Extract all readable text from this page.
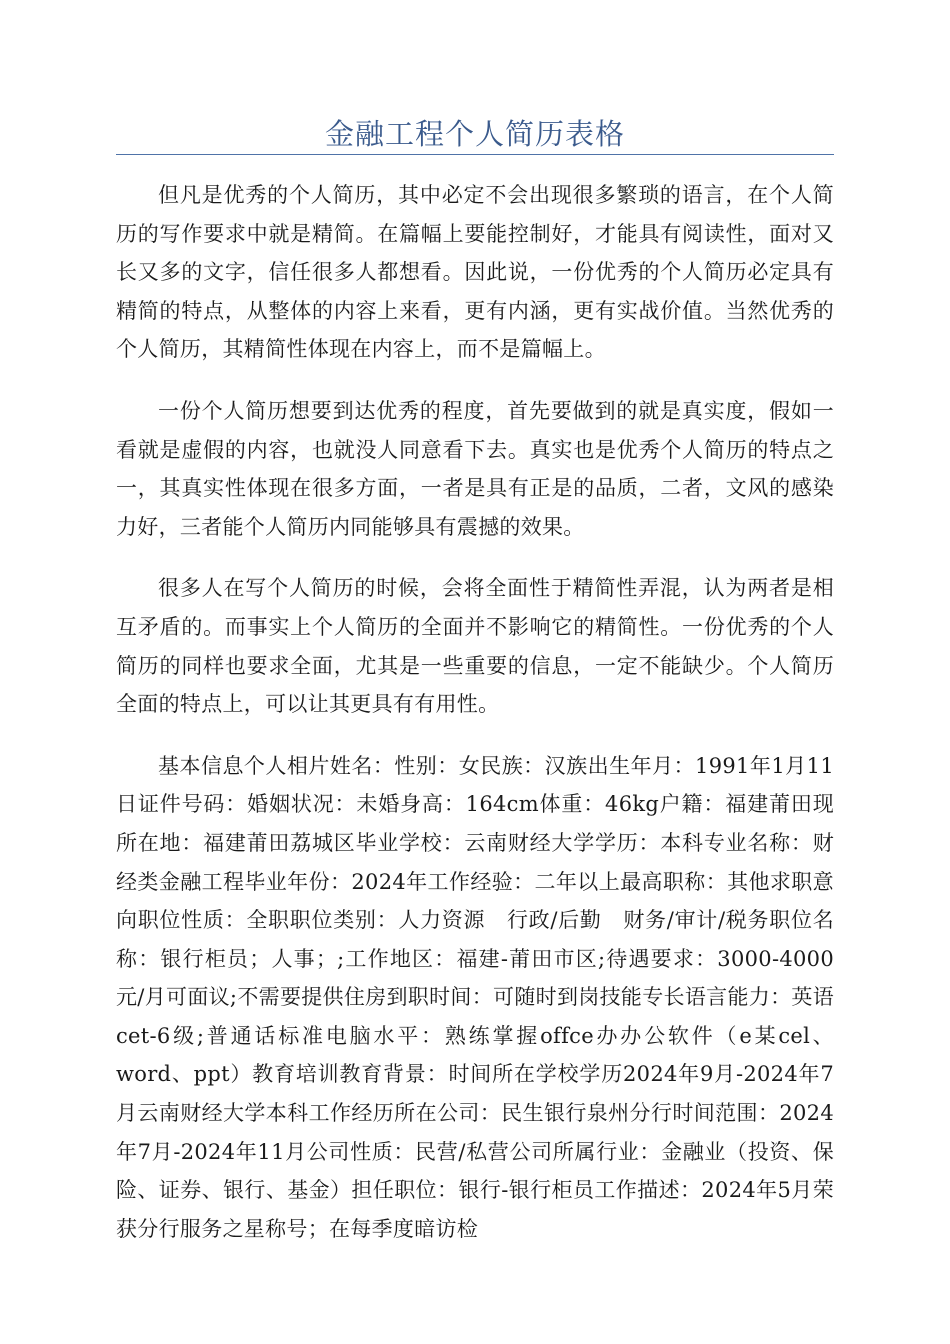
金融工程个人简历表格

但凡是优秀的个人简历，其中必定不会出现很多繁琐的语言，在个人简历的写作要求中就是精简。在篇幅上要能控制好，才能具有阅读性，面对又长又多的文字，信任很多人都想看。因此说，一份优秀的个人简历必定具有精简的特点，从整体的内容上来看，更有内涵，更有实战价值。当然优秀的个人简历，其精简性体现在内容上，而不是篇幅上。

一份个人简历想要到达优秀的程度，首先要做到的就是真实度，假如一看就是虚假的内容，也就没人同意看下去。真实也是优秀个人简历的特点之一，其真实性体现在很多方面，一者是具有正是的品质，二者，文风的感染力好，三者能个人简历内同能够具有震撼的效果。

很多人在写个人简历的时候，会将全面性于精简性弄混，认为两者是相互矛盾的。而事实上个人简历的全面并不影响它的精简性。一份优秀的个人简历的同样也要求全面，尤其是一些重要的信息，一定不能缺少。个人简历全面的特点上，可以让其更具有有用性。

基本信息个人相片姓名：性别：女民族：汉族出生年月：1991年1月11日证件号码：婚姻状况：未婚身高：164cm体重：46kg户籍：福建莆田现所在地：福建莆田荔城区毕业学校：云南财经大学学历：本科专业名称：财经类金融工程毕业年份：2024年工作经验：二年以上最高职称：其他求职意向职位性质：全职职位类别：人力资源　行政/后勤　财务/审计/税务职位名称：银行柜员；人事；;工作地区：福建-莆田市区;待遇要求：3000-4000元/月可面议;不需要提供住房到职时间：可随时到岗技能专长语言能力：英语cet-6级;普通话标准电脑水平：熟练掌握offce办办公软件（e某cel、word、ppt）教育培训教育背景：时间所在学校学历2024年9月-2024年7月云南财经大学本科工作经历所在公司：民生银行泉州分行时间范围：2024年7月-2024年11月公司性质：民营/私营公司所属行业：金融业（投资、保险、证券、银行、基金）担任职位：银行-银行柜员工作描述：2024年5月荣获分行服务之星称号；在每季度暗访检
